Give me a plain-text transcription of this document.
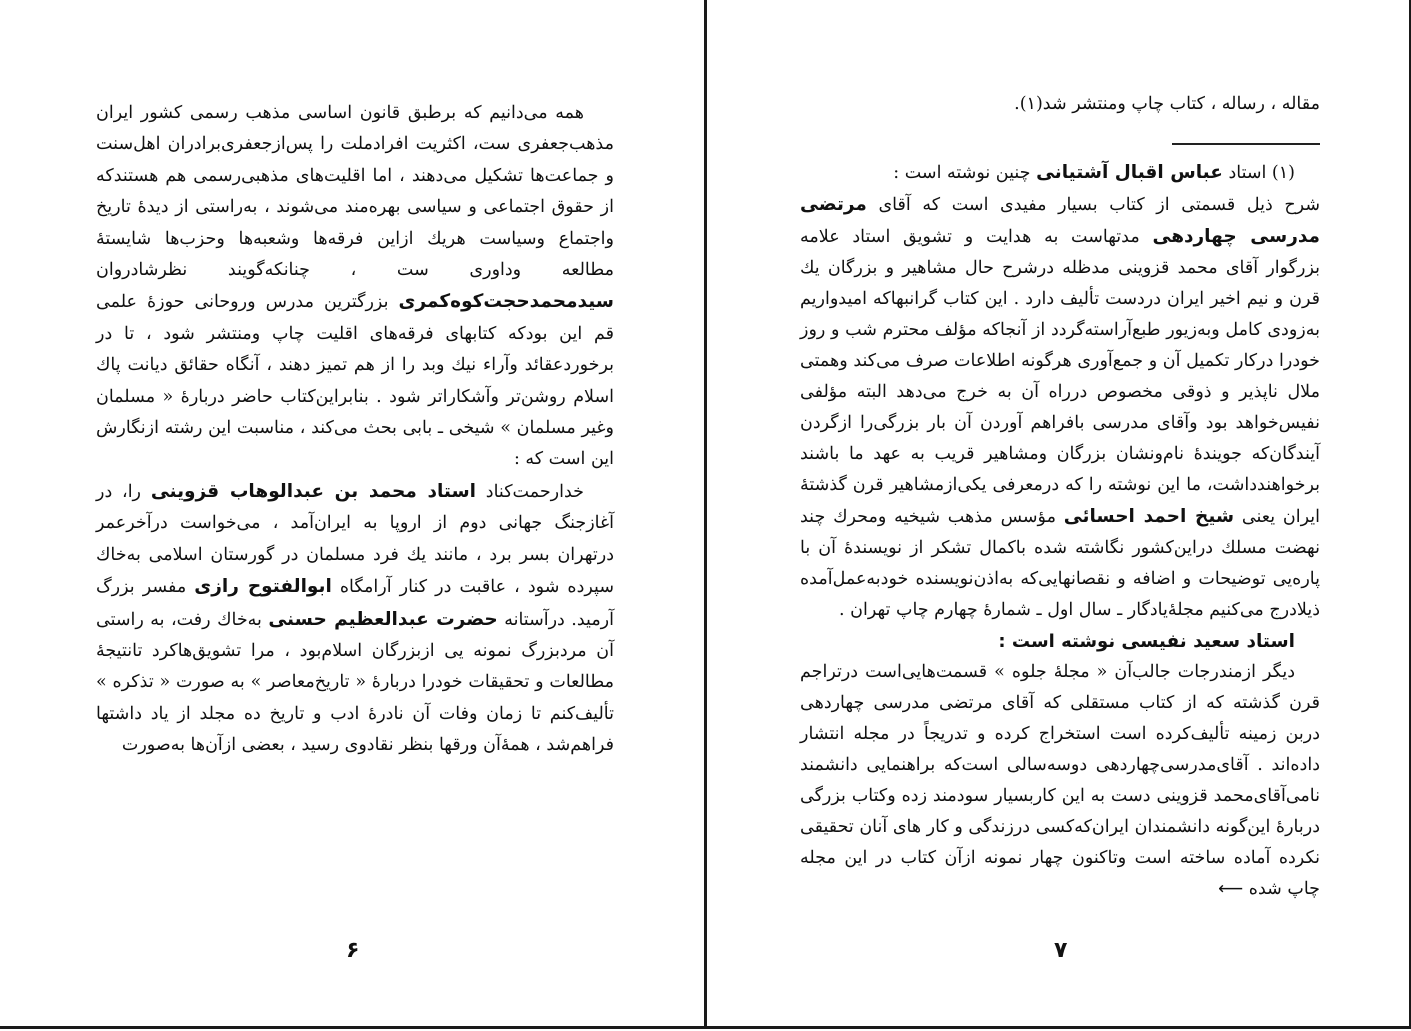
همه می‌دانیم که برطبق قانون اساسی مذهب رسمی کشور ایران مذهب‌جعفری ست، اکثریت افرادملت را پس‌ازجعفری‌برادران اهل‌سنت و جماعت‌ها تشکیل می‌دهند ، اما اقلیت‌های مذهبی‌رسمی هم هستندکه از حقوق اجتماعی و سیاسی بهره‌مند می‌شوند ، به‌راستی از دیدهٔ تاریخ واجتماع وسیاست هریك ازاین فرقه‌ها وشعبه‌ها وحزب‌ها شایستهٔ مطالعه وداوری ست ، چنانکه‌گویند نظرشادروان سیدمحمدحجت‌کوه‌کمری بزرگترین مدرس وروحانی حوزهٔ علمی قم این بودکه کتابهای فرقه‌های اقلیت چاپ ومنتشر شود ، تا در برخوردعقائد وآراء نیك وبد را از هم تمیز دهند ، آنگاه حقائق دیانت پاك اسلام روشن‌تر وآشکاراتر شود . بنابراین‌کتاب حاضر دربارهٔ « مسلمان وغیر مسلمان » شیخی ـ بابی بحث می‌کند ، مناسبت این رشته ازنگارش این است که :

خدارحمت‌کناد استاد محمد بن عبدالوهاب قزوینی را، در آغازجنگ جهانی دوم از اروپا به ایران‌آمد ، می‌خواست درآخرعمر درتهران بسر برد ، مانند یك فرد مسلمان در گورستان اسلامی به‌خاك سپرده شود ، عاقبت در کنار آرامگاه ابوالفتوح رازی مفسر بزرگ آرمید. درآستانه حضرت عبدالعظیم حسنی به‌خاك رفت، به راستی آن مردبزرگ نمونه یی ازبزرگان اسلام‌بود ، مرا تشویق‌هاکرد تانتیجهٔ مطالعات و تحقیقات خودرا دربارهٔ « تاریخ‌معاصر » به صورت « تذکره » تألیف‌کنم تا زمان وفات آن نادرهٔ ادب و تاریخ ده مجلد از یاد داشتها فراهم‌شد ، همهٔ‌آن ورقها بنظر نقادوی رسید ، بعضی ازآن‌ها به‌صورت

۶
مقاله ، رساله ، کتاب چاپ ومنتشر شد(۱).

(۱) استاد عباس اقبال آشتیانی چنین نوشته است :

شرح ذیل قسمتی از کتاب بسیار مفیدی است که آقای مرتضی مدرسی چهاردهی مدتهاست به هدایت و تشویق استاد علامه بزرگوار آقای محمد قزوینی مدظله درشرح حال مشاهیر و بزرگان یك قرن و نیم اخیر ایران دردست تألیف دارد . این کتاب گرانبهاکه امیدواریم به‌زودی کامل وبه‌زیور طبع‌آراسته‌گردد از آنجاکه مؤلف محترم شب و روز خودرا درکار تکمیل آن و جمع‌آوری هرگونه اطلاعات صرف می‌کند وهمتی ملال ناپذیر و ذوقی مخصوص درراه آن به خرج می‌دهد البته مؤلفی نفیس‌خواهد بود وآقای مدرسی بافراهم آوردن آن بار بزرگی‌را ازگردن آیندگان‌که جویندهٔ نام‌ونشان بزرگان ومشاهیر قریب به عهد ما باشند برخواهندداشت، ما این نوشته را که درمعرفی یکی‌ازمشاهیر قرن گذشتهٔ ایران یعنی شیخ احمد احسائی مؤسس مذهب شیخیه ومحرك چند نهضت مسلك دراین‌کشور نگاشته شده باکمال تشکر از نویسندهٔ آن با پاره‌یی توضیحات و اضافه و نقصانهایی‌که بەاذن‌نویسنده خودبه‌عمل‌آمده ذیلادرج می‌کنیم مجلهٔ‌یادگار ـ سال اول ـ شمارهٔ چهارم چاپ تهران .

استاد سعید نفیسی نوشته است :

دیگر ازمندرجات جالب‌آن « مجلهٔ جلوه » قسمت‌هایی‌است درتراجم قرن گذشته که از کتاب مستقلی که آقای مرتضی مدرسی چهاردهی دربن زمینه تألیف‌کرده است استخراج کرده و تدریجاً در مجله انتشار داده‌اند . آقای‌مدرسی‌چهاردهی دوسه‌سالی است‌که براهنمایی دانشمند نامی‌آقای‌محمد قزوینی دست به این کاربسیار سودمند زده وکتاب بزرگی دربارهٔ این‌گونه دانشمندان ایران‌که‌کسی درزندگی و کار های آنان تحقیقی نکرده آماده ساخته است وتاکنون چهار نمونه ازآن کتاب در این مجله چاپ شده ⟵

۷
